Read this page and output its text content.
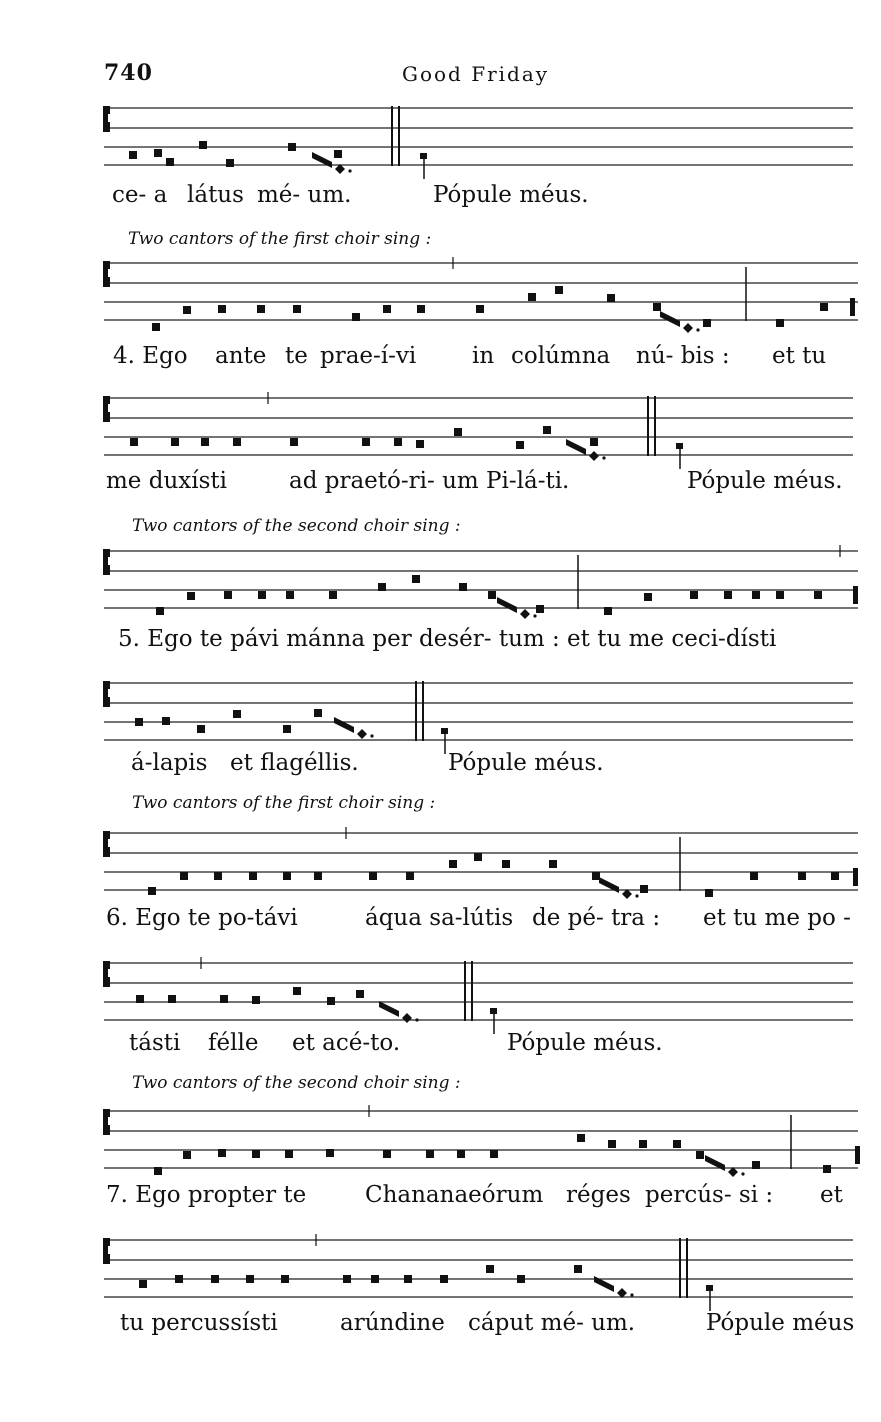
740	Good Friday
ce- a látus mé- um.	Pópule méus.
Two cantors of the first choir sing :
4. Ego ante te prae-í-vi in colúmna nú- bis : et tu
me duxísti	ad praetó-ri- um Pi-lá-ti.	Pópule méus.
Two cantors of the second choir sing :
5. Ego te pávi mánna per desér- tum : et tu me ceci-dísti
á-lapis et flagéllis.	Pópule méus.
Two cantors of the first choir sing :
6. Ego te po-távi	áqua sa-lútis de pé- tra : et tu me po -
tásti félle et acé-to.	Pópule méus.
Two cantors of the second choir sing :
7. Ego propter te	Chananaeórum réges percús- si : et
tu percussísti	arúndine cáput mé- um.	Pópule méus
